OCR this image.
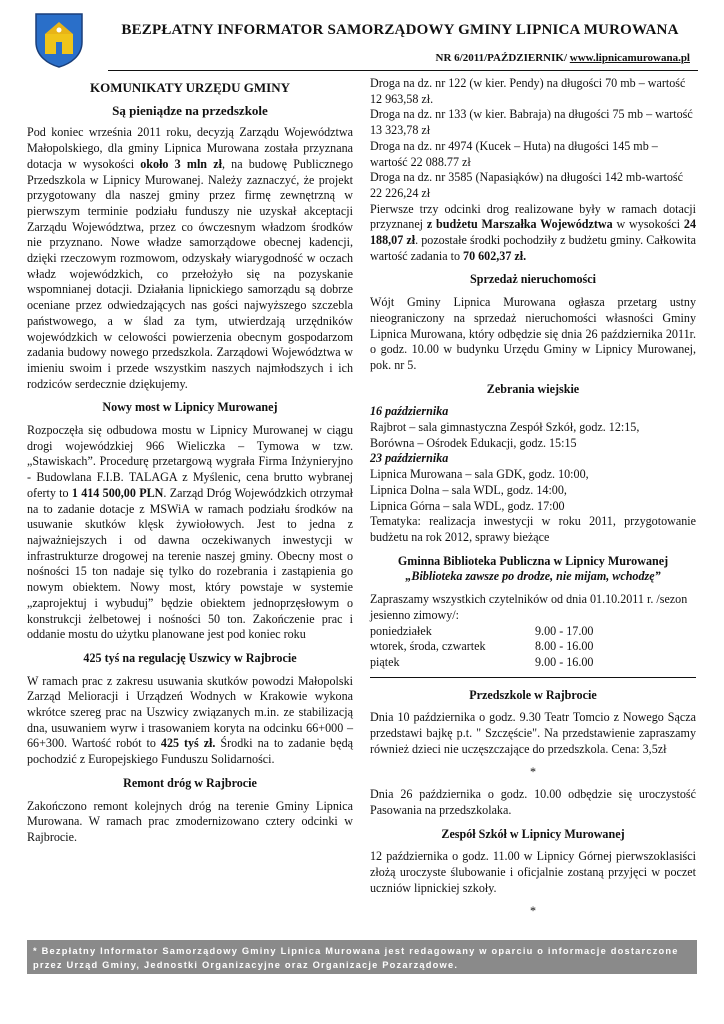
BEZPŁATNY INFORMATOR SAMORZĄDOWY GMINY LIPNICA MUROWANA
NR 6/2011/PAŹDZIERNIK/ www.lipnicamurowana.pl
KOMUNIKATY URZĘDU GMINY
Są pieniądze na przedszkole

Pod koniec września 2011 roku, decyzją Zarządu Województwa Małopolskiego, dla gminy Lipnica Murowana została przyznana dotacja w wysokości około 3 mln zł, na budowę Publicznego Przedszkola w Lipnicy Murowanej. Należy zaznaczyć, że projekt przygotowany dla naszej gminy przez firmę zewnętrzną w pierwszym terminie podziału funduszy nie uzyskał akceptacji Zarządu Województwa, przez co ówczesnym władzom środków nie przyznano. Nowe władze samorządowe obecnej kadencji, dzięki rzeczowym rozmowom, odzyskały wiarygodność w oczach władz wojewódzkich, co przełożyło się na pozyskanie wspomnianej dotacji. Działania lipnickiego samorządu są dobrze oceniane przez odwiedzających nas gości najwyższego szczebla państwowego, a w ślad za tym, utwierdzają urzędników wojewódzkich w celowości powierzenia obecnym gospodarzom zadania budowy nowego przedszkola. Zarządowi Województwa w imieniu swoim i przede wszystkim naszych najmłodszych i ich rodziców serdecznie dziękujemy.

Nowy most w Lipnicy Murowanej

Rozpoczęła się odbudowa mostu w Lipnicy Murowanej w ciągu drogi wojewódzkiej 966 Wieliczka – Tymowa w tzw. „Stawiskach”. Procedurę przetargową wygrała Firma Inżynieryjno - Budowlana F.I.B. TALAGA z Myślenic, cena brutto wybranej oferty to 1 414 500,00 PLN. Zarząd Dróg Wojewódzkich otrzymał na to zadanie dotacje z MSWiA w ramach podziału środków na usuwanie skutków klęsk żywiołowych. Jest to jedna z najważniejszych i od dawna oczekiwanych inwestycji w infrastrukturze drogowej na terenie naszej gminy. Obecny most o nośności 15 ton nadaje się tylko do rozebrania i zastąpienia go nowym obiektem. Nowy most, który powstaje w systemie „zaprojektuj i wybuduj” będzie obiektem jednoprzęsłowym o konstrukcji żelbetowej i nośności 50 ton. Zakończenie prac i oddanie mostu do użytku planowane jest pod koniec roku

425 tyś na regulację Uszwicy w Rajbrocie

W ramach prac z zakresu usuwania skutków powodzi Małopolski Zarząd Melioracji i Urządzeń Wodnych w Krakowie wykona wkrótce szereg prac na Uszwicy związanych m.in. ze stabilizacją dna, usuwaniem wyrw i trasowaniem koryta na odcinku 66+000 – 66+300. Wartość robót to 425 tyś zł. Środki na to zadanie będą pochodzić z Europejskiego Funduszu Solidarności.

Remont dróg w Rajbrocie

Zakończono remont kolejnych dróg na terenie Gminy Lipnica Murowana. W ramach prac zmodernizowano cztery odcinki w Rajbrocie.

Droga na dz. nr 122 (w kier. Pendy) na długości 70 mb – wartość 12 963,58 zł.
Droga na dz. nr 133 (w kier. Babraja) na długości 75 mb – wartość 13 323,78 zł
Droga na dz. nr 4974 (Kucek – Huta) na długości 145 mb – wartość 22 088.77 zł
Droga na dz. nr 3585 (Napasiąków) na długości 142 mb-wartość 22 226,24 zł

Pierwsze trzy odcinki drog realizowane były w ramach dotacji przyznanej z budżetu Marszałka Województwa w wysokości 24 188,07 zł. pozostałe środki pochodziły z budżetu gminy. Całkowita wartość zadania to 70 602,37 zł.

Sprzedaż nieruchomości

Wójt Gminy Lipnica Murowana ogłasza przetarg ustny nieograniczony na sprzedaż nieruchomości własności Gminy Lipnica Murowana, który odbędzie się dnia 26 października 2011r. o godz. 10.00 w budynku Urzędu Gminy w Lipnicy Murowanej, pok. nr 5.

Zebrania wiejskie
16 października
Rajbrot – sala gimnastyczna Zespół Szkół, godz. 12:15,
Borówna – Ośrodek Edukacji, godz. 15:15
23 października
Lipnica Murowana – sala GDK, godz. 10:00,
Lipnica Dolna – sala WDL, godz. 14:00,
Lipnica Górna – sala WDL, godz. 17:00

Tematyka: realizacja inwestycji w roku 2011, przygotowanie budżetu na rok 2012, sprawy bieżące

Gminna Biblioteka Publiczna w Lipnicy Murowanej
„Biblioteka zawsze po drodze, nie mijam, wchodzę”

Zapraszamy wszystkich czytelników od dnia 01.10.2011 r. /sezon jesienno zimowy/:

poniedziałek	9.00 - 17.00
wtorek, środa, czwartek	8.00 - 16.00
piątek	9.00 - 16.00
Przedszkole w Rajbrocie

Dnia 10 października o godz. 9.30 Teatr Tomcio z Nowego Sącza przedstawi bajkę p.t. " Szczęście". Na przedstawienie zapraszamy również dzieci nie uczęszczające do przedszkola. Cena: 3,5zł

*

Dnia 26 października o godz. 10.00 odbędzie się uroczystość Pasowania na przedszkolaka.

Zespół Szkół w Lipnicy Murowanej

12 października o godz. 11.00 w Lipnicy Górnej pierwszoklasiści złożą uroczyste ślubowanie i oficjalnie zostaną przyjęci w poczet uczniów lipnickiej szkoły.

*
* Bezpłatny Informator Samorządowy Gminy Lipnica Murowana jest redagowany w oparciu o informacje dostarczone przez Urząd Gminy, Jednostki Organizacyjne oraz Organizacje Pozarządowe.
